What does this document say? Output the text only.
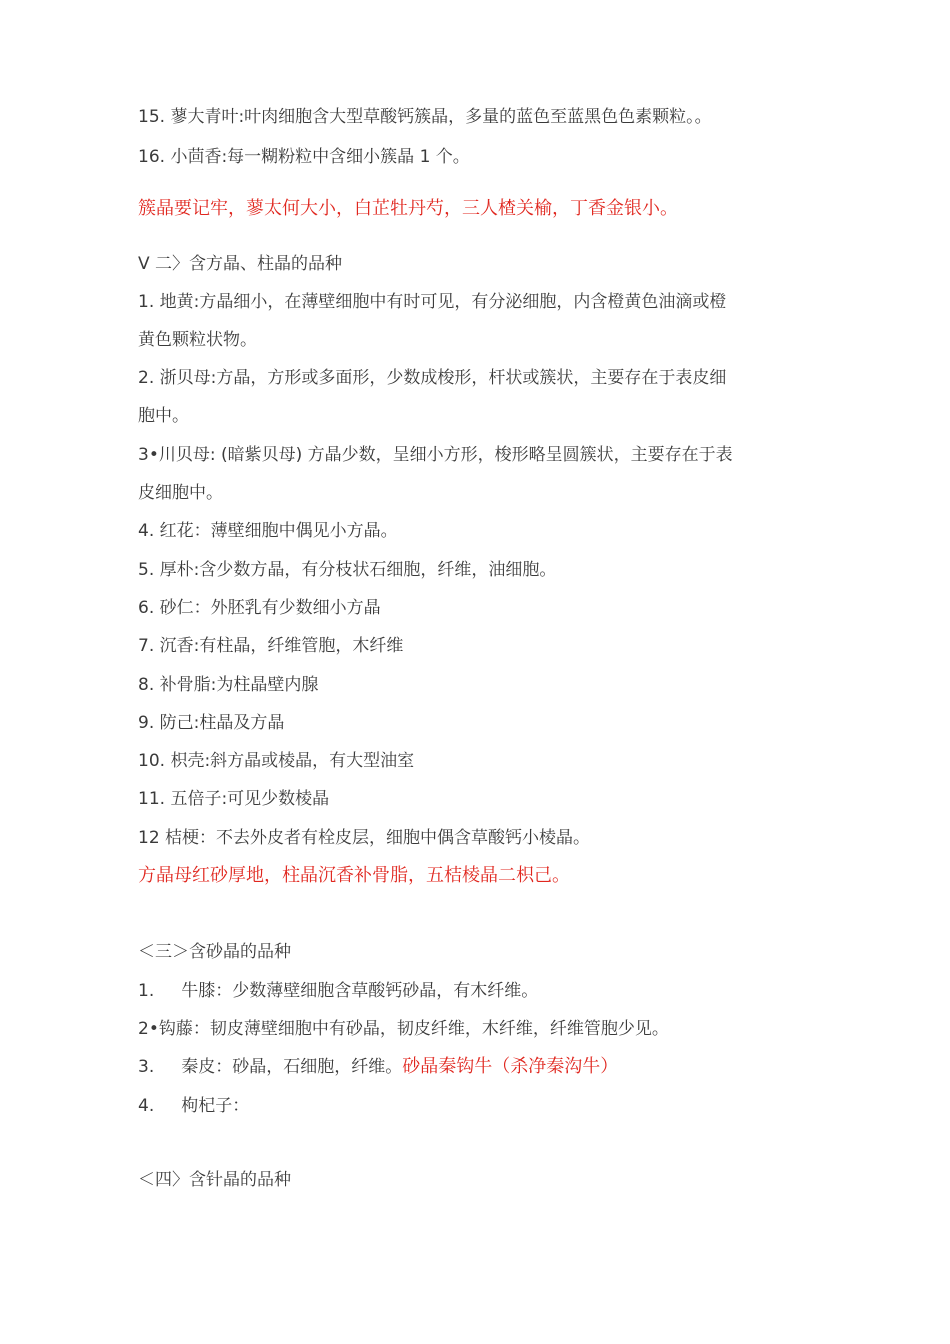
15. 蓼大青叶:叶肉细胞含大型草酸钙簇晶，多量的蓝色至蓝黑色色素颗粒。。
16. 小茴香:每一糊粉粒中含细小簇晶 1 个。
簇晶要记牢，蓼太何大小，白芷牡丹芍，三人楂关榆，丁香金银小。
V 二〉含方晶、柱晶的品种
1. 地黄:方晶细小，在薄壁细胞中有时可见，有分泌细胞，内含橙黄色油滴或橙
黄色颗粒状物。
2. 浙贝母:方晶，方形或多面形，少数成梭形，杆状或簇状，主要存在于表皮细
胞中。
3•川贝母: (暗紫贝母) 方晶少数，呈细小方形，梭形略呈圆簇状，主要存在于表
皮细胞中。
4. 红花：薄壁细胞中偶见小方晶。
5. 厚朴:含少数方晶，有分枝状石细胞，纤维，油细胞。
6. 砂仁：外胚乳有少数细小方晶
7. 沉香:有柱晶，纤维管胞，木纤维
8. 补骨脂:为柱晶壁内腺
9. 防己:柱晶及方晶
10. 枳壳:斜方晶或棱晶，有大型油室
11. 五倍子:可见少数棱晶
12 桔梗：不去外皮者有栓皮层，细胞中偶含草酸钙小棱晶。
方晶母红砂厚地，柱晶沉香补骨脂，五桔棱晶二枳己。
＜三＞含砂晶的品种
1.     牛膝：少数薄壁细胞含草酸钙砂晶，有木纤维。
2•钩藤：韧皮薄壁细胞中有砂晶，韧皮纤维，木纤维，纤维管胞少见。
3.     秦皮：砂晶，石细胞，纤维。砂晶秦钩牛（杀净秦沟牛）
4.     枸杞子：
＜四〉含针晶的品种
